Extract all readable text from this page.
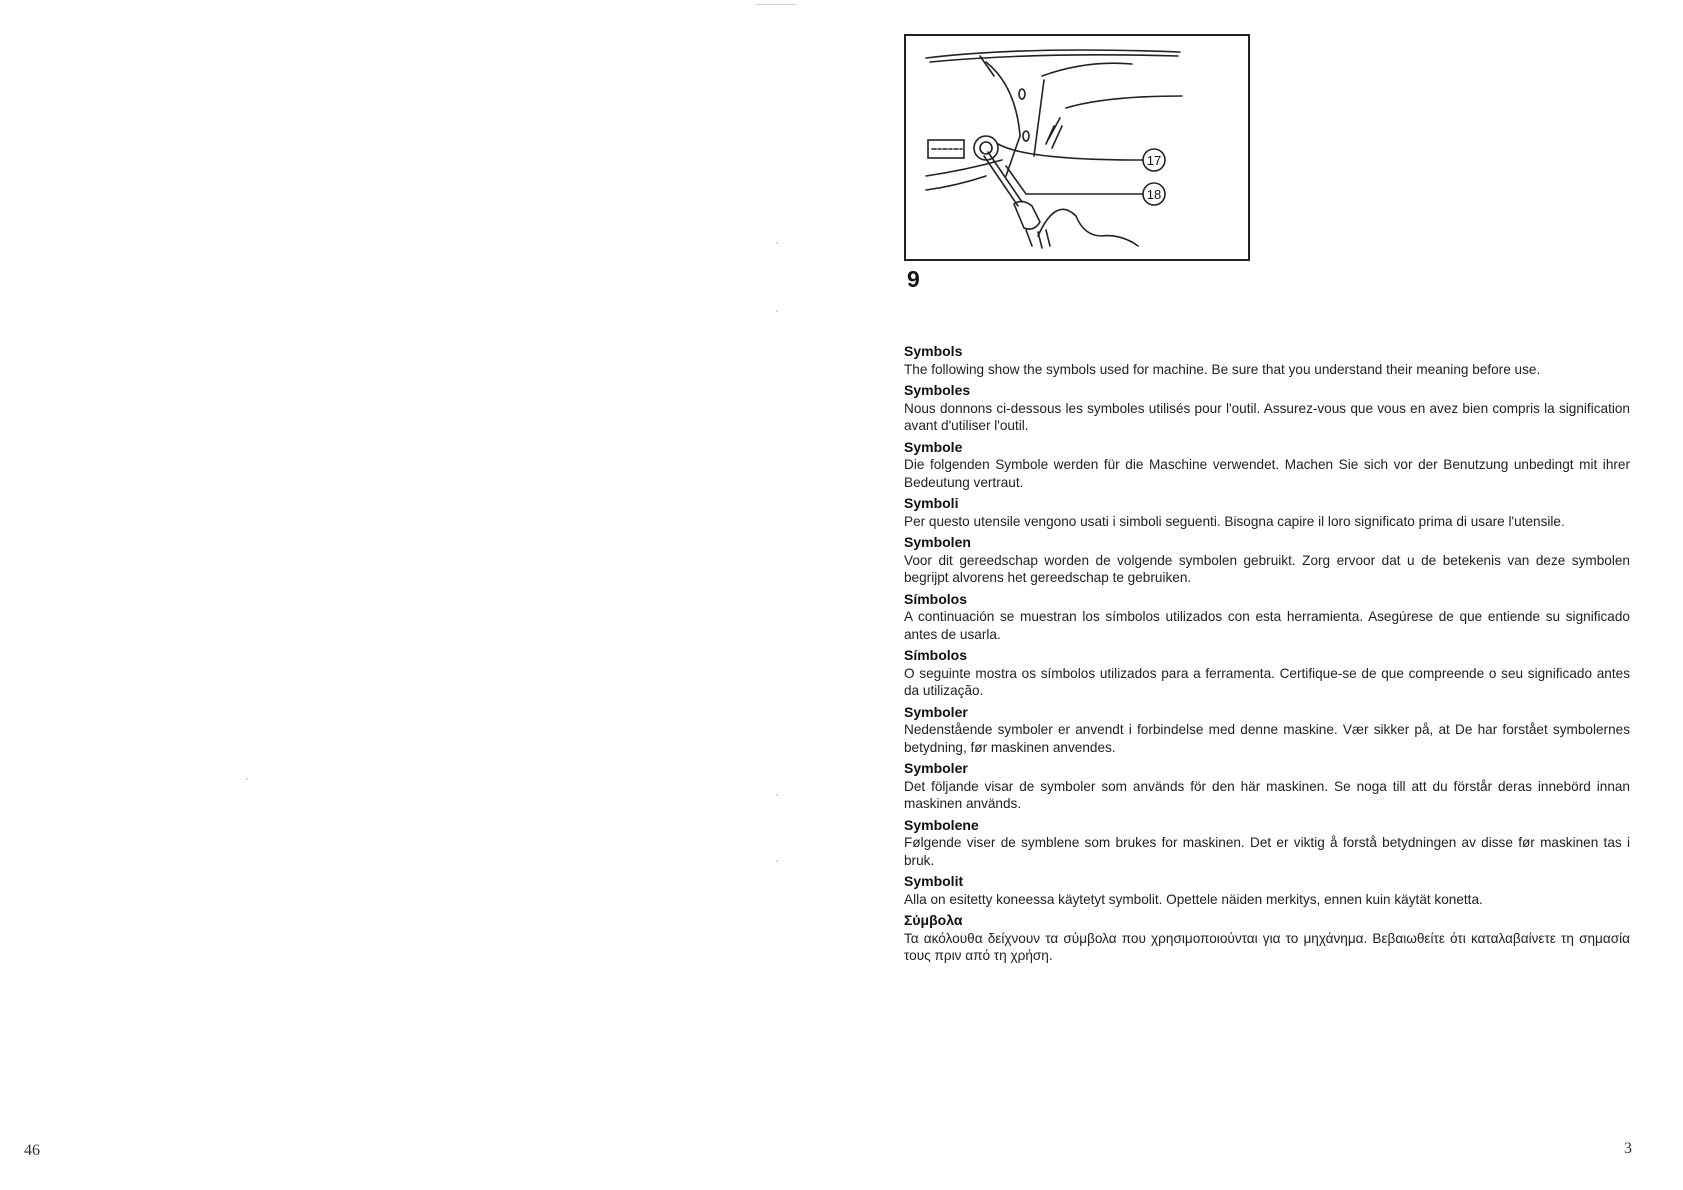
46
17
18
9
Symbols
The following show the symbols used for machine. Be sure that you understand their meaning before use.
Symboles
Nous donnons ci-dessous les symboles utilisés pour l'outil. Assurez-vous que vous en avez bien compris la signification avant d'utiliser l'outil.
Symbole
Die folgenden Symbole werden für die Maschine verwendet. Machen Sie sich vor der Benutzung unbedingt mit ihrer Bedeutung vertraut.
Symboli
Per questo utensile vengono usati i simboli seguenti. Bisogna capire il loro significato prima di usare l'utensile.
Symbolen
Voor dit gereedschap worden de volgende symbolen gebruikt. Zorg ervoor dat u de betekenis van deze symbolen begrijpt alvorens het gereedschap te gebruiken.
Símbolos
A continuación se muestran los símbolos utilizados con esta herramienta. Asegúrese de que entiende su significado antes de usarla.
Símbolos
O seguinte mostra os símbolos utilizados para a ferramenta. Certifique-se de que compreende o seu significado antes da utilização.
Symboler
Nedenstående symboler er anvendt i forbindelse med denne maskine. Vær sikker på, at De har forstået symbolernes betydning, før maskinen anvendes.
Symboler
Det följande visar de symboler som används för den här maskinen. Se noga till att du förstår deras innebörd innan maskinen används.
Symbolene
Følgende viser de symblene som brukes for maskinen. Det er viktig å forstå betydningen av disse før maskinen tas i bruk.
Symbolit
Alla on esitetty koneessa käytetyt symbolit. Opettele näiden merkitys, ennen kuin käytät konetta.
Σύμβολα
Τα ακόλουθα δείχνουν τα σύμβολα που χρησιμοποιούνται για το μηχάνημα. Βεβαιωθείτε ότι καταλαβαίνετε τη σημασία τους πριν από τη χρήση.
3
